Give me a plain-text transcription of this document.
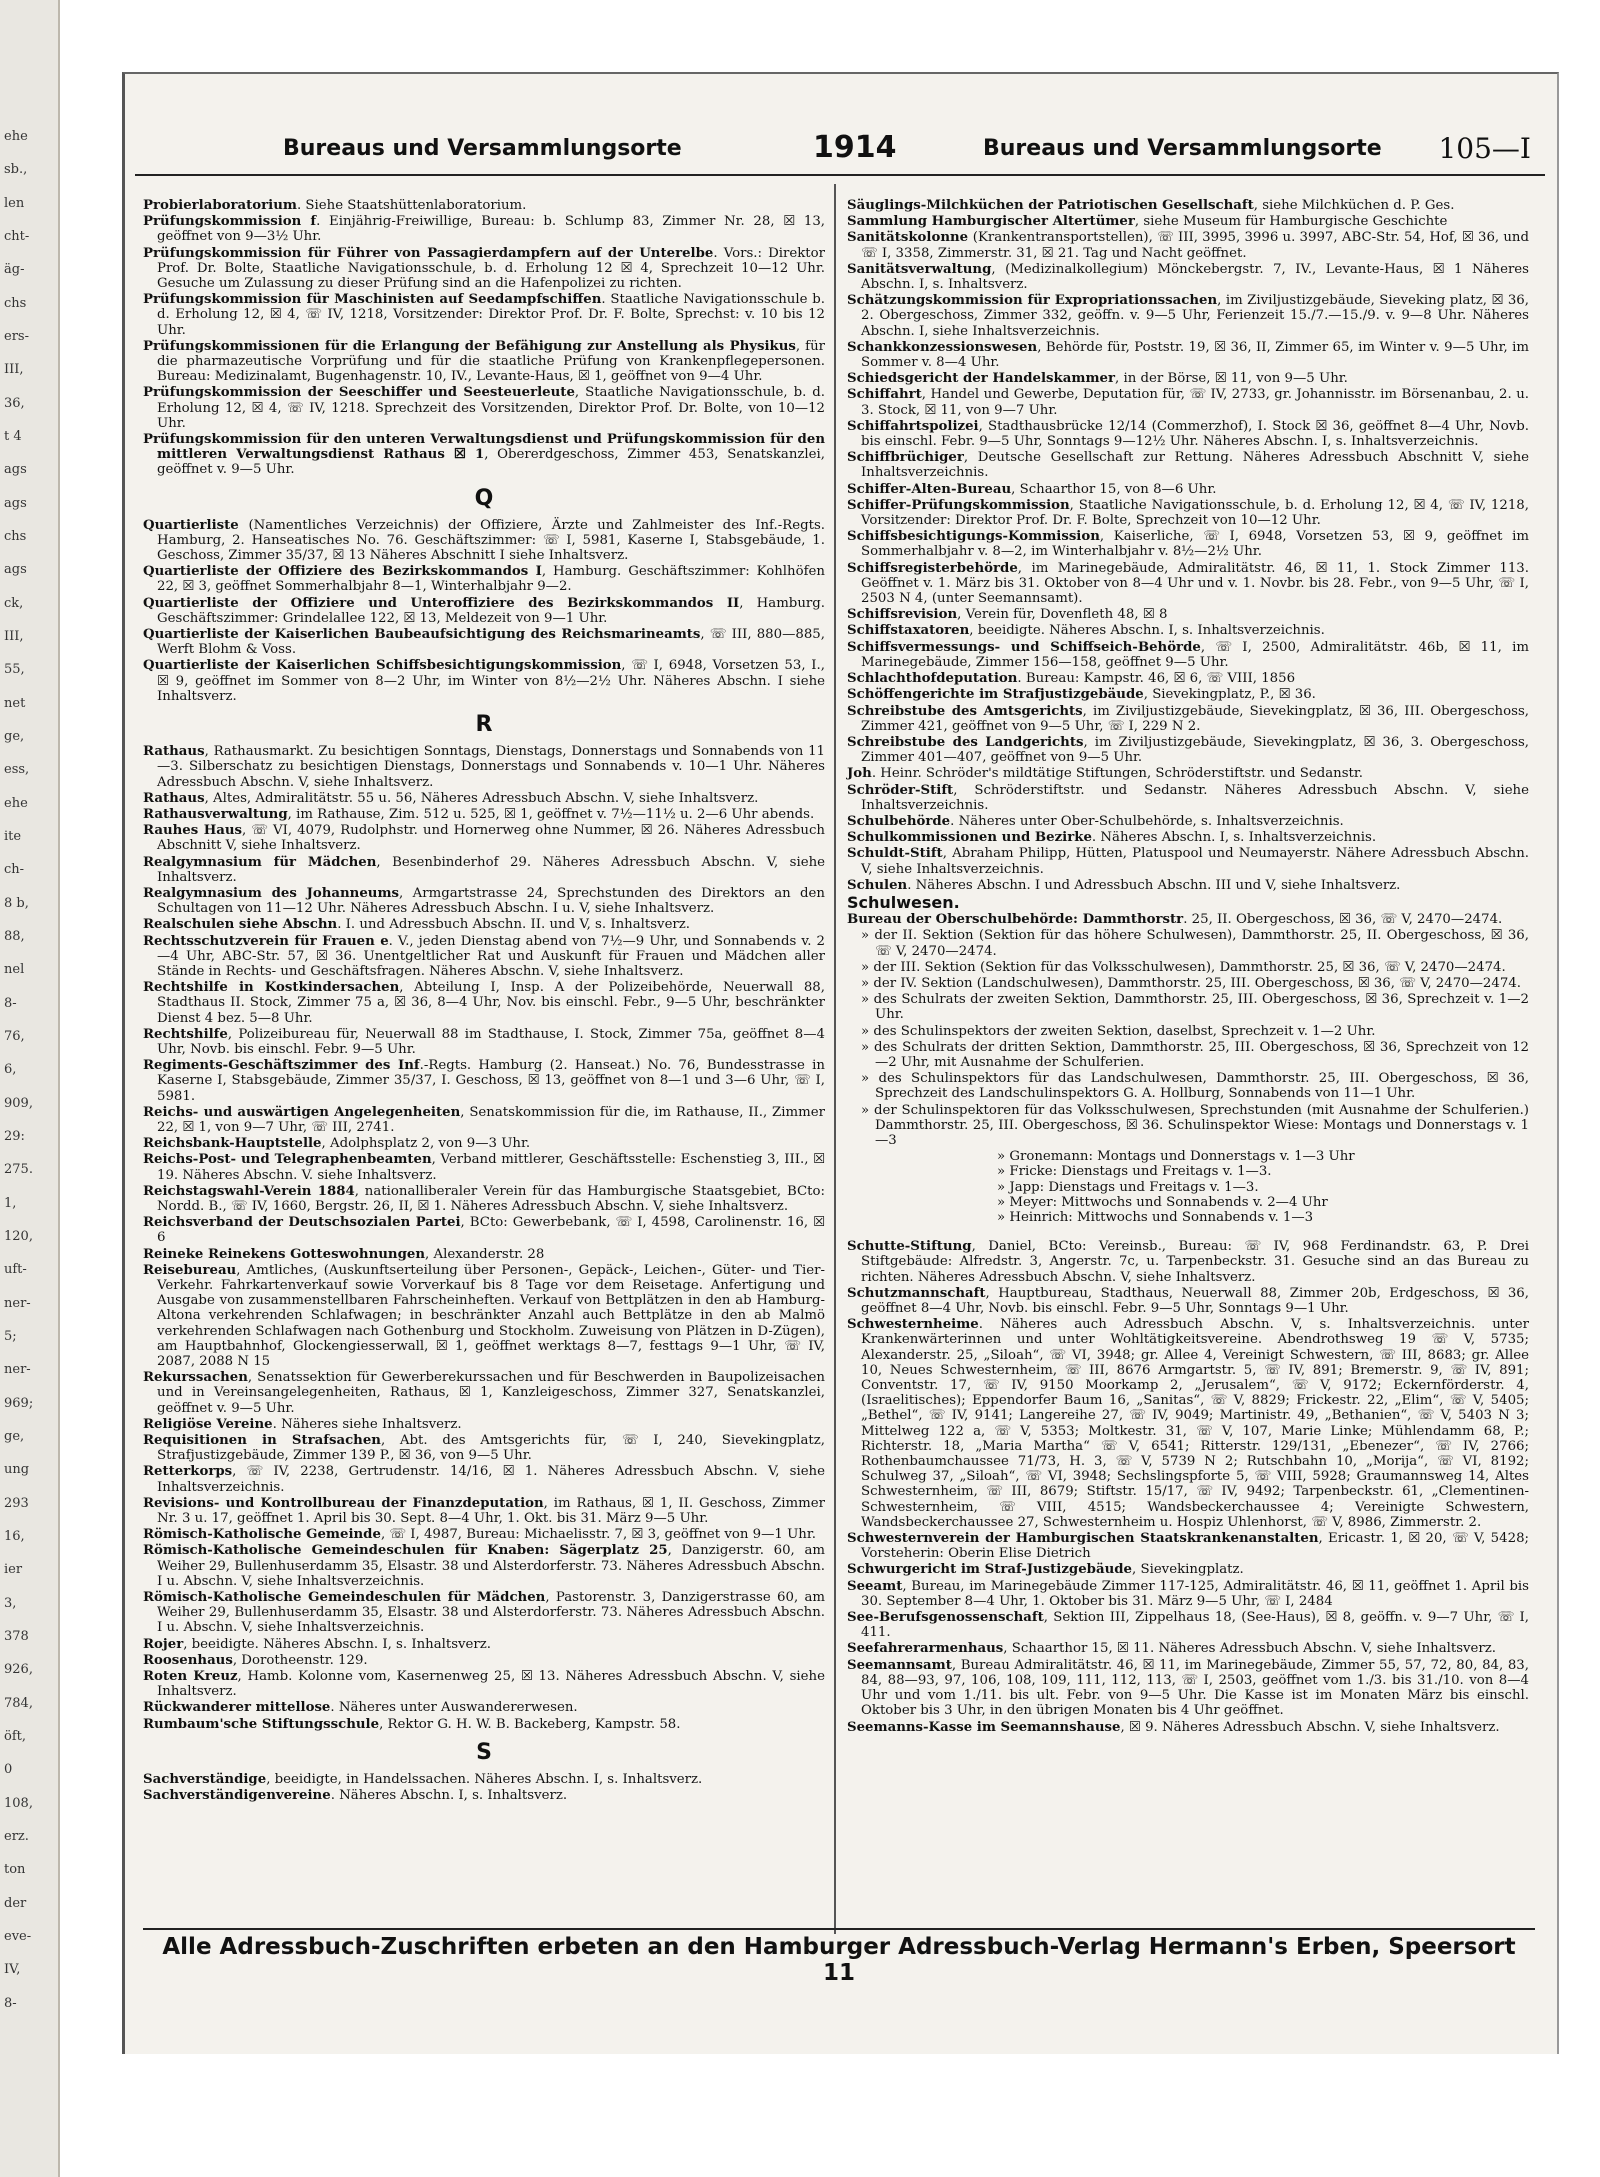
ehe
sb.,
len
cht-
äg-
chs
ers-
III,
36,
t 4
ags
ags
chs
ags
ck,
III,
55,
net
ge,
ess,
ehe
ite
ch-
8 b,
88,
nel
8-
76,
6,
909,
29:
275.
1,
120,
uft-
ner-
5;
ner-
969;
ge,
ung
293
16,
ier
3,
378
926,
784,
öft,
0
108,
erz.
ton
der
eve-
IV,
8-
Bureaus und Versammlungsorte	1914	Bureaus und Versammlungsorte 105—I
Probierlaboratorium. Siehe Staatshüttenlaboratorium.
Prüfungskommission f. Einjährig-Freiwillige, Bureau: b. Schlump 83, Zimmer Nr. 28, ☒ 13, geöffnet von 9—3½ Uhr.
Prüfungskommission für Führer von Passagierdampfern auf der Unterelbe. Vors.: Direktor Prof. Dr. Bolte, Staatliche Navigationsschule, b. d. Erholung 12 ☒ 4, Sprechzeit 10—12 Uhr. Gesuche um Zulassung zu dieser Prüfung sind an die Hafenpolizei zu richten.
Prüfungskommission für Maschinisten auf Seedampfschiffen. Staatliche Navigationsschule b. d. Erholung 12, ☒ 4, ☏ IV, 1218, Vorsitzender: Direktor Prof. Dr. F. Bolte, Sprechst: v. 10 bis 12 Uhr.
Prüfungskommissionen für die Erlangung der Befähigung zur Anstellung als Physikus, für die pharmazeutische Vorprüfung und für die staatliche Prüfung von Krankenpflegepersonen. Bureau: Medizinalamt, Bugenhagenstr. 10, IV., Levante-Haus, ☒ 1, geöffnet von 9—4 Uhr.
Prüfungskommission der Seeschiffer und Seesteuerleute, Staatliche Navigationsschule, b. d. Erholung 12, ☒ 4, ☏ IV, 1218. Sprechzeit des Vorsitzenden, Direktor Prof. Dr. Bolte, von 10—12 Uhr.
Prüfungskommission für den unteren Verwaltungsdienst und Prüfungskommission für den mittleren Verwaltungsdienst Rathaus ☒ 1, Obererdgeschoss, Zimmer 453, Senatskanzlei, geöffnet v. 9—5 Uhr.
Q
Quartierliste (Namentliches Verzeichnis) der Offiziere, Ärzte und Zahlmeister des Inf.-Regts. Hamburg, 2. Hanseatisches No. 76. Geschäftszimmer: ☏ I, 5981, Kaserne I, Stabsgebäude, 1. Geschoss, Zimmer 35/37, ☒ 13 Näheres Abschnitt I siehe Inhaltsverz.
Quartierliste der Offiziere des Bezirkskommandos I, Hamburg. Geschäftszimmer: Kohlhöfen 22, ☒ 3, geöffnet Sommerhalbjahr 8—1, Winterhalbjahr 9—2.
Quartierliste der Offiziere und Unteroffiziere des Bezirkskommandos II, Hamburg. Geschäftszimmer: Grindelallee 122, ☒ 13, Meldezeit von 9—1 Uhr.
Quartierliste der Kaiserlichen Baubeaufsichtigung des Reichsmarineamts, ☏ III, 880—885, Werft Blohm & Voss.
Quartierliste der Kaiserlichen Schiffsbesichtigungskommission, ☏ I, 6948, Vorsetzen 53, I., ☒ 9, geöffnet im Sommer von 8—2 Uhr, im Winter von 8½—2½ Uhr. Näheres Abschn. I siehe Inhaltsverz.
R
Rathaus, Rathausmarkt. Zu besichtigen Sonntags, Dienstags, Donnerstags und Sonnabends von 11—3. Silberschatz zu besichtigen Dienstags, Donnerstags und Sonnabends v. 10—1 Uhr. Näheres Adressbuch Abschn. V, siehe Inhaltsverz.
Rathaus, Altes, Admiralitätstr. 55 u. 56, Näheres Adressbuch Abschn. V, siehe Inhaltsverz.
Rathausverwaltung, im Rathause, Zim. 512 u. 525, ☒ 1, geöffnet v. 7½—11½ u. 2—6 Uhr abends.
Rauhes Haus, ☏ VI, 4079, Rudolphstr. und Hornerweg ohne Nummer, ☒ 26. Näheres Adressbuch Abschnitt V, siehe Inhaltsverz.
Realgymnasium für Mädchen, Besenbinderhof 29. Näheres Adressbuch Abschn. V, siehe Inhaltsverz.
Realgymnasium des Johanneums, Armgartstrasse 24, Sprechstunden des Direktors an den Schultagen von 11—12 Uhr. Näheres Adressbuch Abschn. I u. V, siehe Inhaltsverz.
Realschulen siehe Abschn. I. und Adressbuch Abschn. II. und V, s. Inhaltsverz.
Rechtsschutzverein für Frauen e. V., jeden Dienstag abend von 7½—9 Uhr, und Sonnabends v. 2—4 Uhr, ABC-Str. 57, ☒ 36. Unentgeltlicher Rat und Auskunft für Frauen und Mädchen aller Stände in Rechts- und Geschäftsfragen. Näheres Abschn. V, siehe Inhaltsverz.
Rechtshilfe in Kostkindersachen, Abteilung I, Insp. A der Polizeibehörde, Neuerwall 88, Stadthaus II. Stock, Zimmer 75 a, ☒ 36, 8—4 Uhr, Nov. bis einschl. Febr., 9—5 Uhr, beschränkter Dienst 4 bez. 5—8 Uhr.
Rechtshilfe, Polizeibureau für, Neuerwall 88 im Stadthause, I. Stock, Zimmer 75a, geöffnet 8—4 Uhr, Novb. bis einschl. Febr. 9—5 Uhr.
Regiments-Geschäftszimmer des Inf.-Regts. Hamburg (2. Hanseat.) No. 76, Bundesstrasse in Kaserne I, Stabsgebäude, Zimmer 35/37, I. Geschoss, ☒ 13, geöffnet von 8—1 und 3—6 Uhr, ☏ I, 5981.
Reichs- und auswärtigen Angelegenheiten, Senatskommission für die, im Rathause, II., Zimmer 22, ☒ 1, von 9—7 Uhr, ☏ III, 2741.
Reichsbank-Hauptstelle, Adolphsplatz 2, von 9—3 Uhr.
Reichs-Post- und Telegraphenbeamten, Verband mittlerer, Geschäftsstelle: Eschenstieg 3, III., ☒ 19. Näheres Abschn. V. siehe Inhaltsverz.
Reichstagswahl-Verein 1884, nationalliberaler Verein für das Hamburgische Staatsgebiet, BCto: Nordd. B., ☏ IV, 1660, Bergstr. 26, II, ☒ 1. Näheres Adressbuch Abschn. V, siehe Inhaltsverz.
Reichsverband der Deutschsozialen Partei, BCto: Gewerbebank, ☏ I, 4598, Carolinenstr. 16, ☒ 6
Reineke Reinekens Gotteswohnungen, Alexanderstr. 28
Reisebureau, Amtliches, (Auskunftserteilung über Personen-, Gepäck-, Leichen-, Güter- und Tier-Verkehr. Fahrkartenverkauf sowie Vorverkauf bis 8 Tage vor dem Reisetage. Anfertigung und Ausgabe von zusammenstellbaren Fahrscheinheften. Verkauf von Bettplätzen in den ab Hamburg-Altona verkehrenden Schlafwagen; in beschränkter Anzahl auch Bettplätze in den ab Malmö verkehrenden Schlafwagen nach Gothenburg und Stockholm. Zuweisung von Plätzen in D-Zügen), am Hauptbahnhof, Glockengiesserwall, ☒ 1, geöffnet werktags 8—7, festtags 9—1 Uhr, ☏ IV, 2087, 2088 N 15
Rekurssachen, Senatssektion für Gewerberekurssachen und für Beschwerden in Baupolizeisachen und in Vereinsangelegenheiten, Rathaus, ☒ 1, Kanzleigeschoss, Zimmer 327, Senatskanzlei, geöffnet v. 9—5 Uhr.
Religiöse Vereine. Näheres siehe Inhaltsverz.
Requisitionen in Strafsachen, Abt. des Amtsgerichts für, ☏ I, 240, Sievekingplatz, Strafjustizgebäude, Zimmer 139 P., ☒ 36, von 9—5 Uhr.
Retterkorps, ☏ IV, 2238, Gertrudenstr. 14/16, ☒ 1. Näheres Adressbuch Abschn. V, siehe Inhaltsverzeichnis.
Revisions- und Kontrollbureau der Finanzdeputation, im Rathaus, ☒ 1, II. Geschoss, Zimmer Nr. 3 u. 17, geöffnet 1. April bis 30. Sept. 8—4 Uhr, 1. Okt. bis 31. März 9—5 Uhr.
Römisch-Katholische Gemeinde, ☏ I, 4987, Bureau: Michaelisstr. 7, ☒ 3, geöffnet von 9—1 Uhr.
Römisch-Katholische Gemeindeschulen für Knaben: Sägerplatz 25, Danzigerstr. 60, am Weiher 29, Bullenhuserdamm 35, Elsastr. 38 und Alsterdorferstr. 73. Näheres Adressbuch Abschn. I u. Abschn. V, siehe Inhaltsverzeichnis.
Römisch-Katholische Gemeindeschulen für Mädchen, Pastorenstr. 3, Danzigerstrasse 60, am Weiher 29, Bullenhuserdamm 35, Elsastr. 38 und Alsterdorferstr. 73. Näheres Adressbuch Abschn. I u. Abschn. V, siehe Inhaltsverzeichnis.
Rojer, beeidigte. Näheres Abschn. I, s. Inhaltsverz.
Roosenhaus, Dorotheenstr. 129.
Roten Kreuz, Hamb. Kolonne vom, Kasernenweg 25, ☒ 13. Näheres Adressbuch Abschn. V, siehe Inhaltsverz.
Rückwanderer mittellose. Näheres unter Auswandererwesen.
Rumbaum'sche Stiftungsschule, Rektor G. H. W. B. Backeberg, Kampstr. 58.
S
Sachverständige, beeidigte, in Handelssachen. Näheres Abschn. I, s. Inhaltsverz.
Sachverständigenvereine. Näheres Abschn. I, s. Inhaltsverz.
Säuglings-Milchküchen der Patriotischen Gesellschaft, siehe Milchküchen d. P. Ges.
Sammlung Hamburgischer Altertümer, siehe Museum für Hamburgische Geschichte
Sanitätskolonne (Krankentransportstellen), ☏ III, 3995, 3996 u. 3997, ABC-Str. 54, Hof, ☒ 36, und ☏ I, 3358, Zimmerstr. 31, ☒ 21. Tag und Nacht geöffnet.
Sanitätsverwaltung, (Medizinalkollegium) Mönckebergstr. 7, IV., Levante-Haus, ☒ 1 Näheres Abschn. I, s. Inhaltsverz.
Schätzungskommission für Expropriationssachen, im Ziviljustizgebäude, Sieveking platz, ☒ 36, 2. Obergeschoss, Zimmer 332, geöffn. v. 9—5 Uhr, Ferienzeit 15./7.—15./9. v. 9—8 Uhr. Näheres Abschn. I, siehe Inhaltsverzeichnis.
Schankkonzessionswesen, Behörde für, Poststr. 19, ☒ 36, II, Zimmer 65, im Winter v. 9—5 Uhr, im Sommer v. 8—4 Uhr.
Schiedsgericht der Handelskammer, in der Börse, ☒ 11, von 9—5 Uhr.
Schiffahrt, Handel und Gewerbe, Deputation für, ☏ IV, 2733, gr. Johannisstr. im Börsenanbau, 2. u. 3. Stock, ☒ 11, von 9—7 Uhr.
Schiffahrtspolizei, Stadthausbrücke 12/14 (Commerzhof), I. Stock ☒ 36, geöffnet 8—4 Uhr, Novb. bis einschl. Febr. 9—5 Uhr, Sonntags 9—12½ Uhr. Näheres Abschn. I, s. Inhaltsverzeichnis.
Schiffbrüchiger, Deutsche Gesellschaft zur Rettung. Näheres Adressbuch Abschnitt V, siehe Inhaltsverzeichnis.
Schiffer-Alten-Bureau, Schaarthor 15, von 8—6 Uhr.
Schiffer-Prüfungskommission, Staatliche Navigationsschule, b. d. Erholung 12, ☒ 4, ☏ IV, 1218, Vorsitzender: Direktor Prof. Dr. F. Bolte, Sprechzeit von 10—12 Uhr.
Schiffsbesichtigungs-Kommission, Kaiserliche, ☏ I, 6948, Vorsetzen 53, ☒ 9, geöffnet im Sommerhalbjahr v. 8—2, im Winterhalbjahr v. 8½—2½ Uhr.
Schiffsregisterbehörde, im Marinegebäude, Admiralitätstr. 46, ☒ 11, 1. Stock Zimmer 113. Geöffnet v. 1. März bis 31. Oktober von 8—4 Uhr und v. 1. Novbr. bis 28. Febr., von 9—5 Uhr, ☏ I, 2503 N 4, (unter Seemannsamt).
Schiffsrevision, Verein für, Dovenfleth 48, ☒ 8
Schiffstaxatoren, beeidigte. Näheres Abschn. I, s. Inhaltsverzeichnis.
Schiffsvermessungs- und Schiffseich-Behörde, ☏ I, 2500, Admiralitätstr. 46b, ☒ 11, im Marinegebäude, Zimmer 156—158, geöffnet 9—5 Uhr.
Schlachthofdeputation. Bureau: Kampstr. 46, ☒ 6, ☏ VIII, 1856
Schöffengerichte im Strafjustizgebäude, Sievekingplatz, P., ☒ 36.
Schreibstube des Amtsgerichts, im Ziviljustizgebäude, Sievekingplatz, ☒ 36, III. Obergeschoss, Zimmer 421, geöffnet von 9—5 Uhr, ☏ I, 229 N 2.
Schreibstube des Landgerichts, im Ziviljustizgebäude, Sievekingplatz, ☒ 36, 3. Obergeschoss, Zimmer 401—407, geöffnet von 9—5 Uhr.
Joh. Heinr. Schröder's mildtätige Stiftungen, Schröderstiftstr. und Sedanstr.
Schröder-Stift, Schröderstiftstr. und Sedanstr. Näheres Adressbuch Abschn. V, siehe Inhaltsverzeichnis.
Schulbehörde. Näheres unter Ober-Schulbehörde, s. Inhaltsverzeichnis.
Schulkommissionen und Bezirke. Näheres Abschn. I, s. Inhaltsverzeichnis.
Schuldt-Stift, Abraham Philipp, Hütten, Platuspool und Neumayerstr. Nähere Adressbuch Abschn. V, siehe Inhaltsverzeichnis.
Schulen. Näheres Abschn. I und Adressbuch Abschn. III und V, siehe Inhaltsverz.
Schulwesen.
Bureau der Oberschulbehörde: Dammthorstr. 25, II. Obergeschoss, ☒ 36, ☏ V, 2470—2474.
» der II. Sektion (Sektion für das höhere Schulwesen), Dammthorstr. 25, II. Obergeschoss, ☒ 36, ☏ V, 2470—2474.
» der III. Sektion (Sektion für das Volksschulwesen), Dammthorstr. 25, ☒ 36, ☏ V, 2470—2474.
» der IV. Sektion (Landschulwesen), Dammthorstr. 25, III. Obergeschoss, ☒ 36, ☏ V, 2470—2474.
» des Schulrats der zweiten Sektion, Dammthorstr. 25, III. Obergeschoss, ☒ 36, Sprechzeit v. 1—2 Uhr.
» des Schulinspektors der zweiten Sektion, daselbst, Sprechzeit v. 1—2 Uhr.
» des Schulrats der dritten Sektion, Dammthorstr. 25, III. Obergeschoss, ☒ 36, Sprechzeit von 12—2 Uhr, mit Ausnahme der Schulferien.
» des Schulinspektors für das Landschulwesen, Dammthorstr. 25, III. Obergeschoss, ☒ 36, Sprechzeit des Landschulinspektors G. A. Hollburg, Sonnabends von 11—1 Uhr.
» der Schulinspektoren für das Volksschulwesen, Sprechstunden (mit Ausnahme der Schulferien.) Dammthorstr. 25, III. Obergeschoss, ☒ 36. Schulinspektor Wiese: Montags und Donnerstags v. 1—3
» Gronemann: Montags und Donnerstags v. 1—3 Uhr
» Fricke: Dienstags und Freitags v. 1—3.
» Japp: Dienstags und Freitags v. 1—3.
» Meyer: Mittwochs und Sonnabends v. 2—4 Uhr
» Heinrich: Mittwochs und Sonnabends v. 1—3
Schutte-Stiftung, Daniel, BCto: Vereinsb., Bureau: ☏ IV, 968 Ferdinandstr. 63, P. Drei Stiftgebäude: Alfredstr. 3, Angerstr. 7c, u. Tarpenbeckstr. 31. Gesuche sind an das Bureau zu richten. Näheres Adressbuch Abschn. V, siehe Inhaltsverz.
Schutzmannschaft, Hauptbureau, Stadthaus, Neuerwall 88, Zimmer 20b, Erdgeschoss, ☒ 36, geöffnet 8—4 Uhr, Novb. bis einschl. Febr. 9—5 Uhr, Sonntags 9—1 Uhr.
Schwesternheime. Näheres auch Adressbuch Abschn. V, s. Inhaltsverzeichnis. unter Krankenwärterinnen und unter Wohltätigkeitsvereine. Abendrothsweg 19 ☏ V, 5735; Alexanderstr. 25, „Siloah“, ☏ VI, 3948; gr. Allee 4, Vereinigt Schwestern, ☏ III, 8683; gr. Allee 10, Neues Schwesternheim, ☏ III, 8676 Armgartstr. 5, ☏ IV, 891; Bremerstr. 9, ☏ IV, 891; Conventstr. 17, ☏ IV, 9150 Moorkamp 2, „Jerusalem“, ☏ V, 9172; Eckernförderstr. 4, (Israelitisches); Eppendorfer Baum 16, „Sanitas“, ☏ V, 8829; Frickestr. 22, „Elim“, ☏ V, 5405; „Bethel“, ☏ IV, 9141; Langereihe 27, ☏ IV, 9049; Martinistr. 49, „Bethanien“, ☏ V, 5403 N 3; Mittelweg 122 a, ☏ V, 5353; Moltkestr. 31, ☏ V, 107, Marie Linke; Mühlendamm 68, P.; Richterstr. 18, „Maria Martha“ ☏ V, 6541; Ritterstr. 129/131, „Ebenezer“, ☏ IV, 2766; Rothenbaumchaussee 71/73, H. 3, ☏ V, 5739 N 2; Rutschbahn 10, „Morija“, ☏ VI, 8192; Schulweg 37, „Siloah“, ☏ VI, 3948; Sechslingspforte 5, ☏ VIII, 5928; Graumannsweg 14, Altes Schwesternheim, ☏ III, 8679; Stiftstr. 15/17, ☏ IV, 9492; Tarpenbeckstr. 61, „Clementinen-Schwesternheim, ☏ VIII, 4515; Wandsbeckerchaussee 4; Vereinigte Schwestern, Wandsbeckerchaussee 27, Schwesternheim u. Hospiz Uhlenhorst, ☏ V, 8986, Zimmerstr. 2.
Schwesternverein der Hamburgischen Staatskrankenanstalten, Ericastr. 1, ☒ 20, ☏ V, 5428; Vorsteherin: Oberin Elise Dietrich
Schwurgericht im Straf-Justizgebäude, Sievekingplatz.
Seeamt, Bureau, im Marinegebäude Zimmer 117-125, Admiralitätstr. 46, ☒ 11, geöffnet 1. April bis 30. September 8—4 Uhr, 1. Oktober bis 31. März 9—5 Uhr, ☏ I, 2484
See-Berufsgenossenschaft, Sektion III, Zippelhaus 18, (See-Haus), ☒ 8, geöffn. v. 9—7 Uhr, ☏ I, 411.
Seefahrerarmenhaus, Schaarthor 15, ☒ 11. Näheres Adressbuch Abschn. V, siehe Inhaltsverz.
Seemannsamt, Bureau Admiralitätstr. 46, ☒ 11, im Marinegebäude, Zimmer 55, 57, 72, 80, 84, 83, 84, 88—93, 97, 106, 108, 109, 111, 112, 113, ☏ I, 2503, geöffnet vom 1./3. bis 31./10. von 8—4 Uhr und vom 1./11. bis ult. Febr. von 9—5 Uhr. Die Kasse ist im Monaten März bis einschl. Oktober bis 3 Uhr, in den übrigen Monaten bis 4 Uhr geöffnet.
Seemanns-Kasse im Seemannshause, ☒ 9. Näheres Adressbuch Abschn. V, siehe Inhaltsverz.
Alle Adressbuch-Zuschriften erbeten an den Hamburger Adressbuch-Verlag Hermann's Erben, Speersort 11
